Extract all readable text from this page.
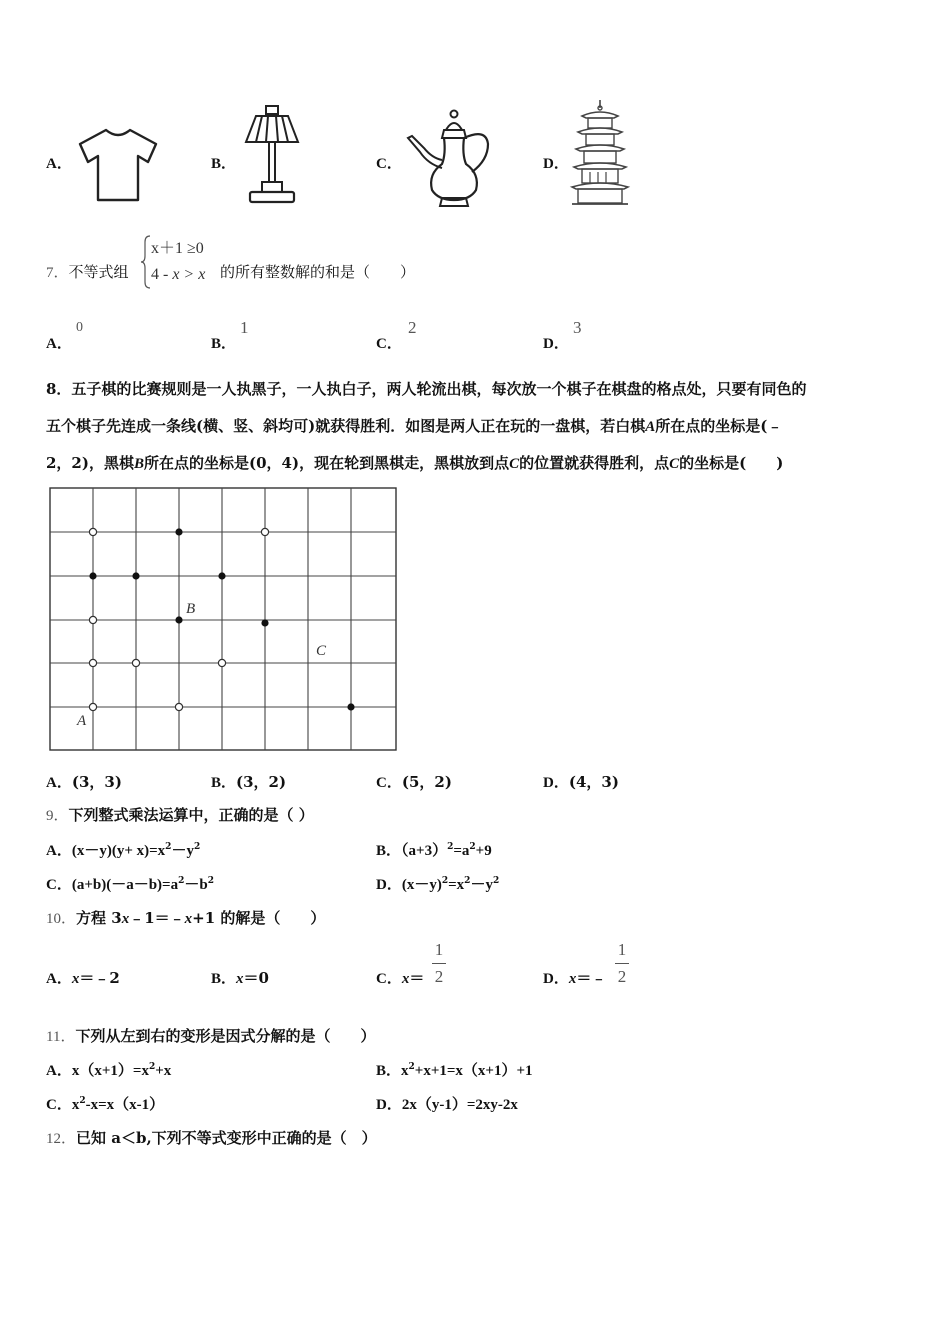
A．	B．	C．	D．
7．不等式组
x＋1 ≥0
4 - x > x 的所有整数解的和是（　　）
A．
0
B．
1
C．
2
D．
3
8．五子棋的比赛规则是一人执黑子，一人执白子，两人轮流出棋，每次放一个棋子在棋盘的格点处，只要有同色的
五个棋子先连成一条线(横、竖、斜均可)就获得胜利．如图是两人正在玩的一盘棋，若白棋A所在点的坐标是(﹣
2，2)，黑棋B所在点的坐标是(0，4)，现在轮到黑棋走，黑棋放到点C的位置就获得胜利，点C的坐标是(　　)
B
C
A
A．(3，3)	B．(3，2)	C．(5，2)	D．(4，3)
9．下列整式乘法运算中，正确的是（ ）
A．$(x-y)(y+ x)=x^2-y^2$	B．$(a+3)^2=a^2+9$
C．$(a+b)(-a-b)=a^2-b^2$	D．$(x-y)^2=x^2-y^2$
10．方程 3x﹣1＝﹣x+1 的解是（　　）
A．x＝﹣2	B．x＝0	C．x＝
1
2	D．x＝﹣
1
2
11．下列从左到右的变形是因式分解的是（　　）
A．$x(x+1)=x^2+x$	B．$x^2+x+1=x(x+1)+1$
C．$x^2-x=x(x-1)$	D．2x（y-1）=2xy-2x
12．已知 a＜b,下列不等式变形中正确的是（　）
